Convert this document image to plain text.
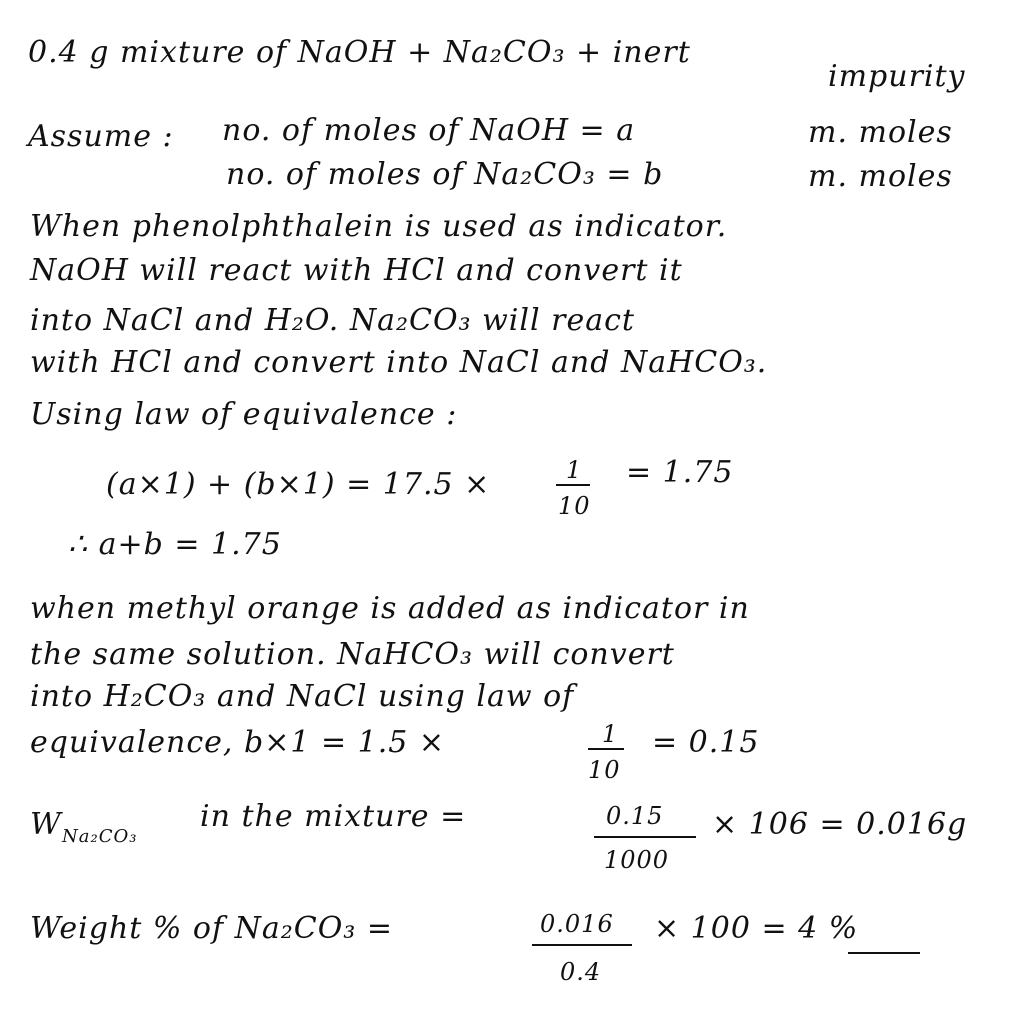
0.4 g mixture of NaOH + Na₂CO₃ + inert
impurity
Assume : no. of moles of NaOH = a	m. moles
no. of moles of Na₂CO₃ = b	m. moles
When phenolphthalein is used as indicator.
NaOH will react with HCl and convert it
into NaCl and H₂O. Na₂CO₃ will react
with HCl and convert into NaCl and NaHCO₃.
Using law of equivalence :
(a×1) + (b×1) = 17.5 ×	1
10
= 1.75
∴ a+b = 1.75
when methyl orange is added as indicator in
the same solution. NaHCO₃ will convert
into H₂CO₃ and NaCl using law of
equivalence, b×1 = 1.5 ×	1
10
= 0.15
W Na₂CO₃
in the mixture =	0.15
1000
× 106 = 0.016g
Weight % of Na₂CO₃ =	0.016
0.4
× 100 = 4 %
